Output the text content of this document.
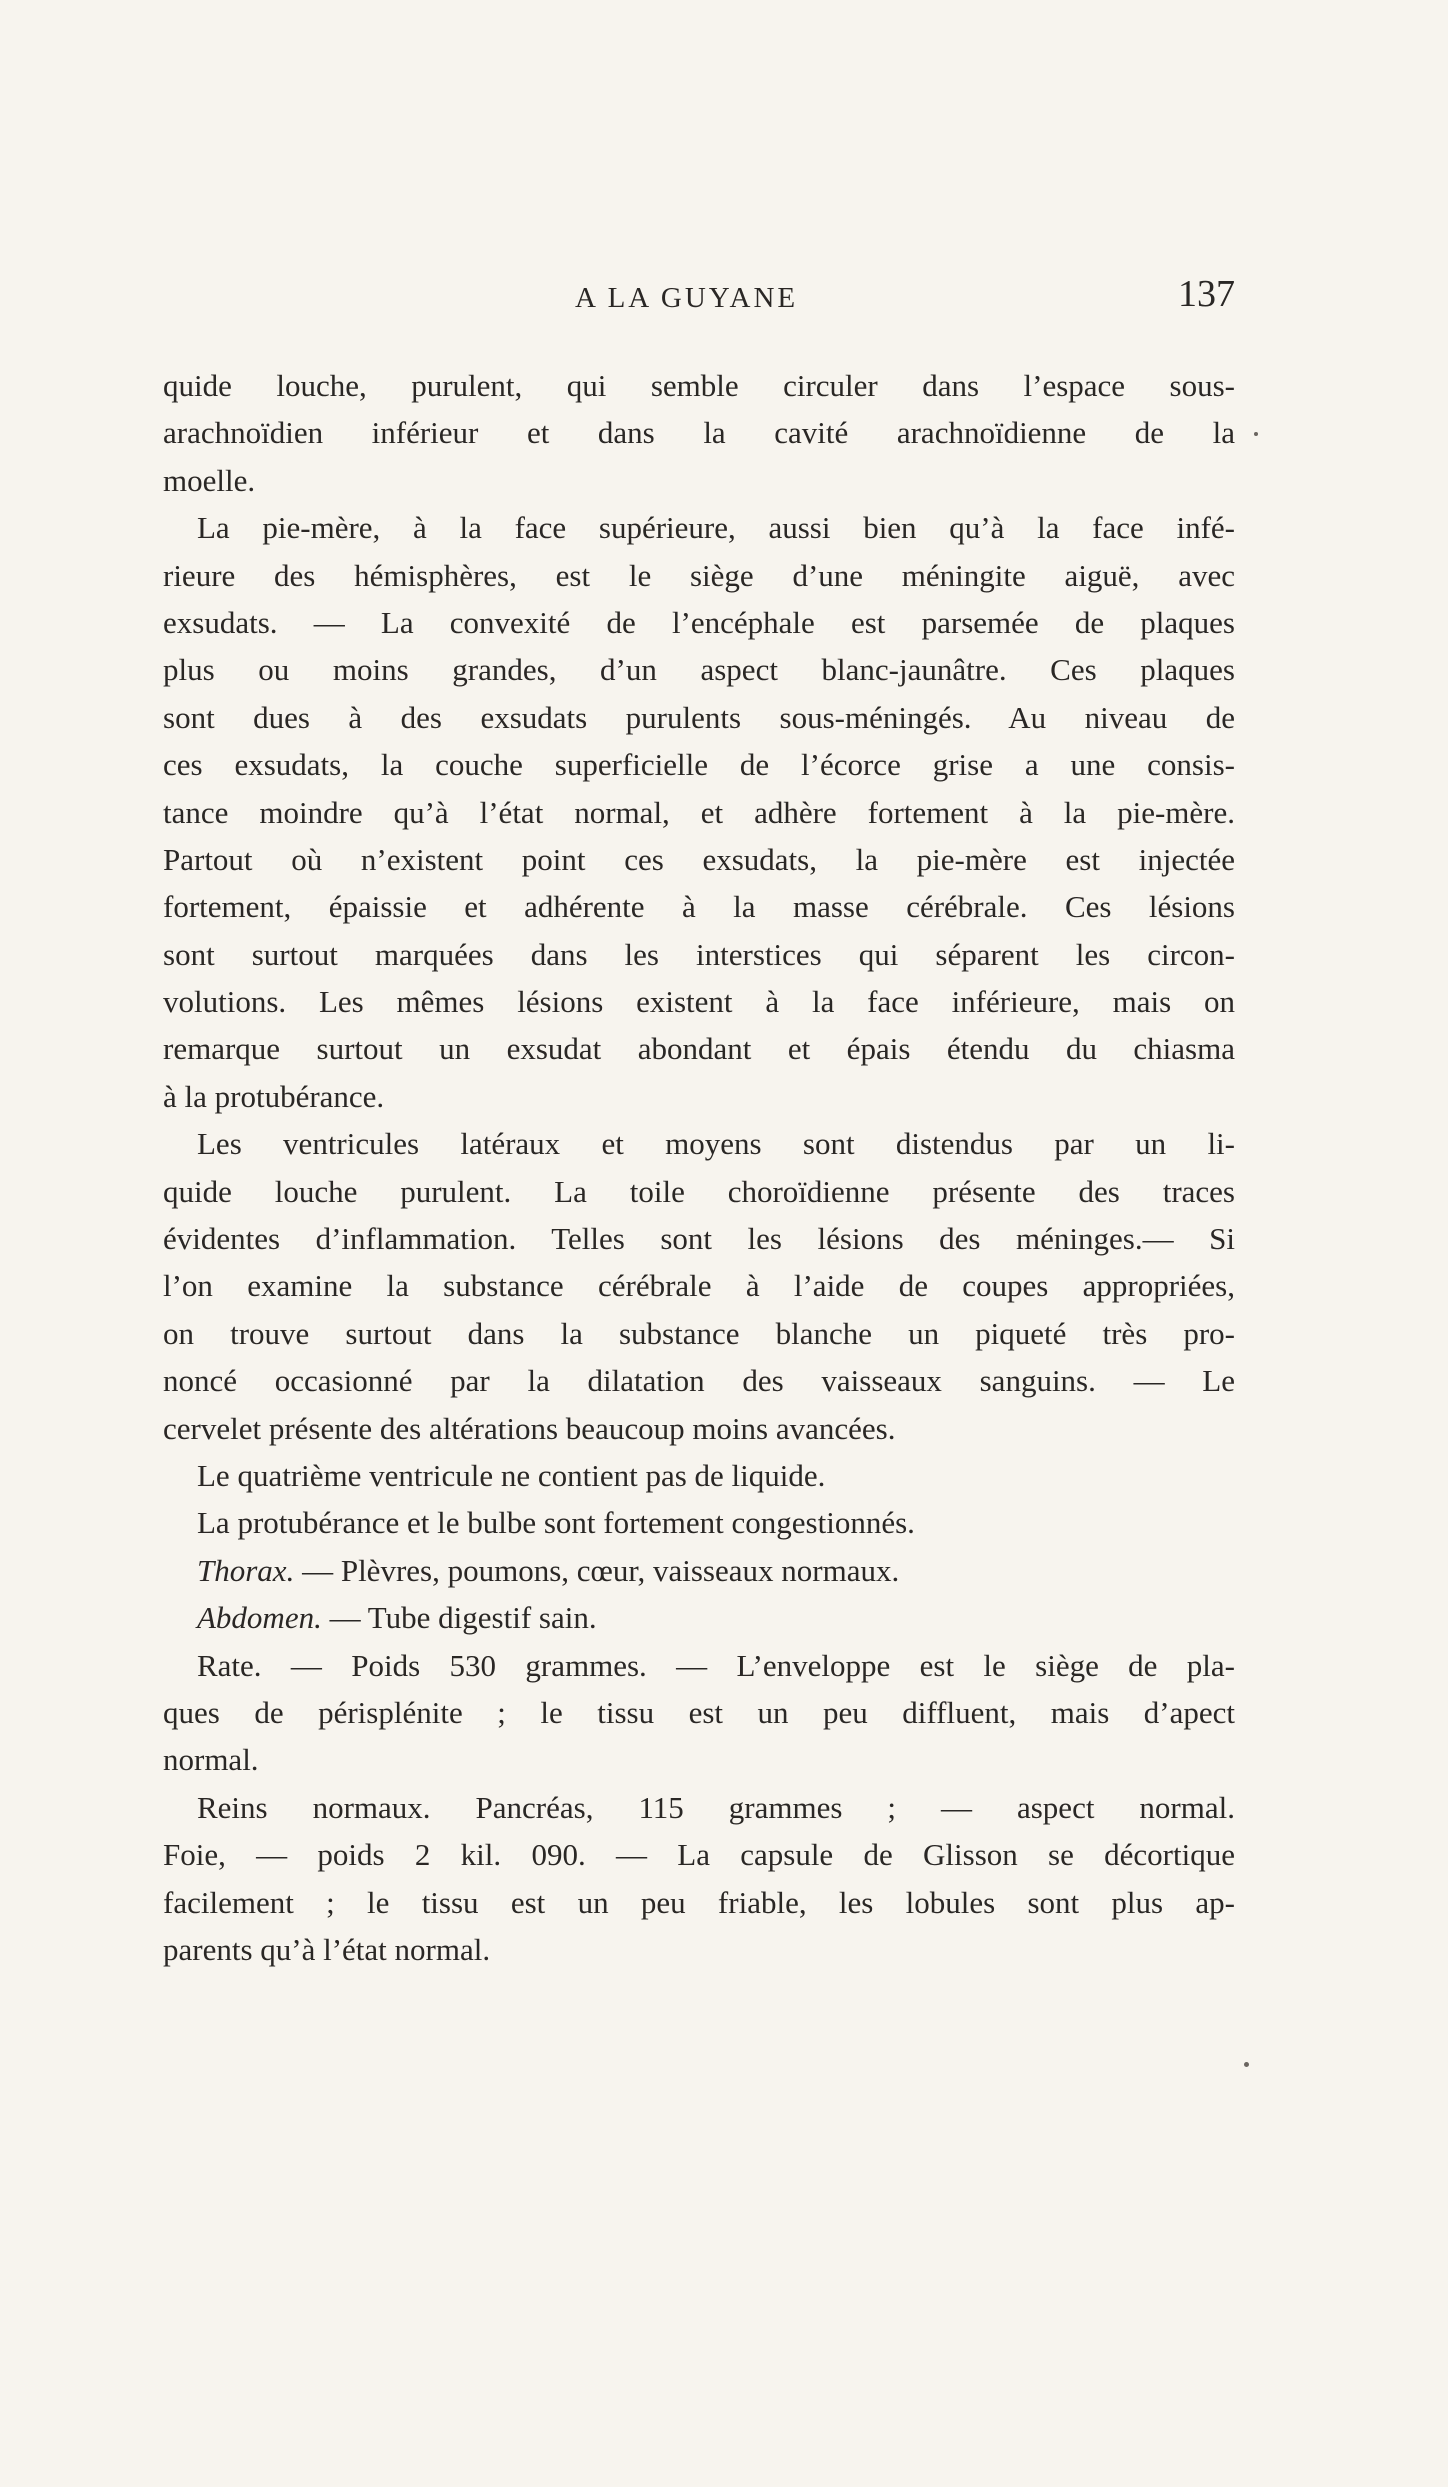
A LA GUYANE	137
quide louche, purulent, qui semble circuler dans l’espace sous-
arachnoïdien inférieur et dans la cavité arachnoïdienne de la
moelle.
La pie-mère, à la face supérieure, aussi bien qu’à la face infé-
rieure des hémisphères, est le siège d’une méningite aiguë, avec
exsudats. — La convexité de l’encéphale est parsemée de plaques
plus ou moins grandes, d’un aspect blanc-jaunâtre. Ces plaques
sont dues à des exsudats purulents sous-méningés. Au niveau de
ces exsudats, la couche superficielle de l’écorce grise a une consis-
tance moindre qu’à l’état normal, et adhère fortement à la pie-mère.
Partout où n’existent point ces exsudats, la pie-mère est injectée
fortement, épaissie et adhérente à la masse cérébrale. Ces lésions
sont surtout marquées dans les interstices qui séparent les circon-
volutions. Les mêmes lésions existent à la face inférieure, mais on
remarque surtout un exsudat abondant et épais étendu du chiasma
à la protubérance.
Les ventricules latéraux et moyens sont distendus par un li-
quide louche purulent. La toile choroïdienne présente des traces
évidentes d’inflammation. Telles sont les lésions des méninges.— Si
l’on examine la substance cérébrale à l’aide de coupes appropriées,
on trouve surtout dans la substance blanche un piqueté très pro-
noncé occasionné par la dilatation des vaisseaux sanguins. — Le
cervelet présente des altérations beaucoup moins avancées.
Le quatrième ventricule ne contient pas de liquide.
La protubérance et le bulbe sont fortement congestionnés.
Thorax. — Plèvres, poumons, cœur, vaisseaux normaux.
Abdomen. — Tube digestif sain.
Rate. — Poids 530 grammes. — L’enveloppe est le siège de pla-
ques de périsplénite ; le tissu est un peu diffluent, mais d’apect
normal.
Reins normaux. Pancréas, 115 grammes ; — aspect normal.
Foie, — poids 2 kil. 090. — La capsule de Glisson se décortique
facilement ; le tissu est un peu friable, les lobules sont plus ap-
parents qu’à l’état normal.
